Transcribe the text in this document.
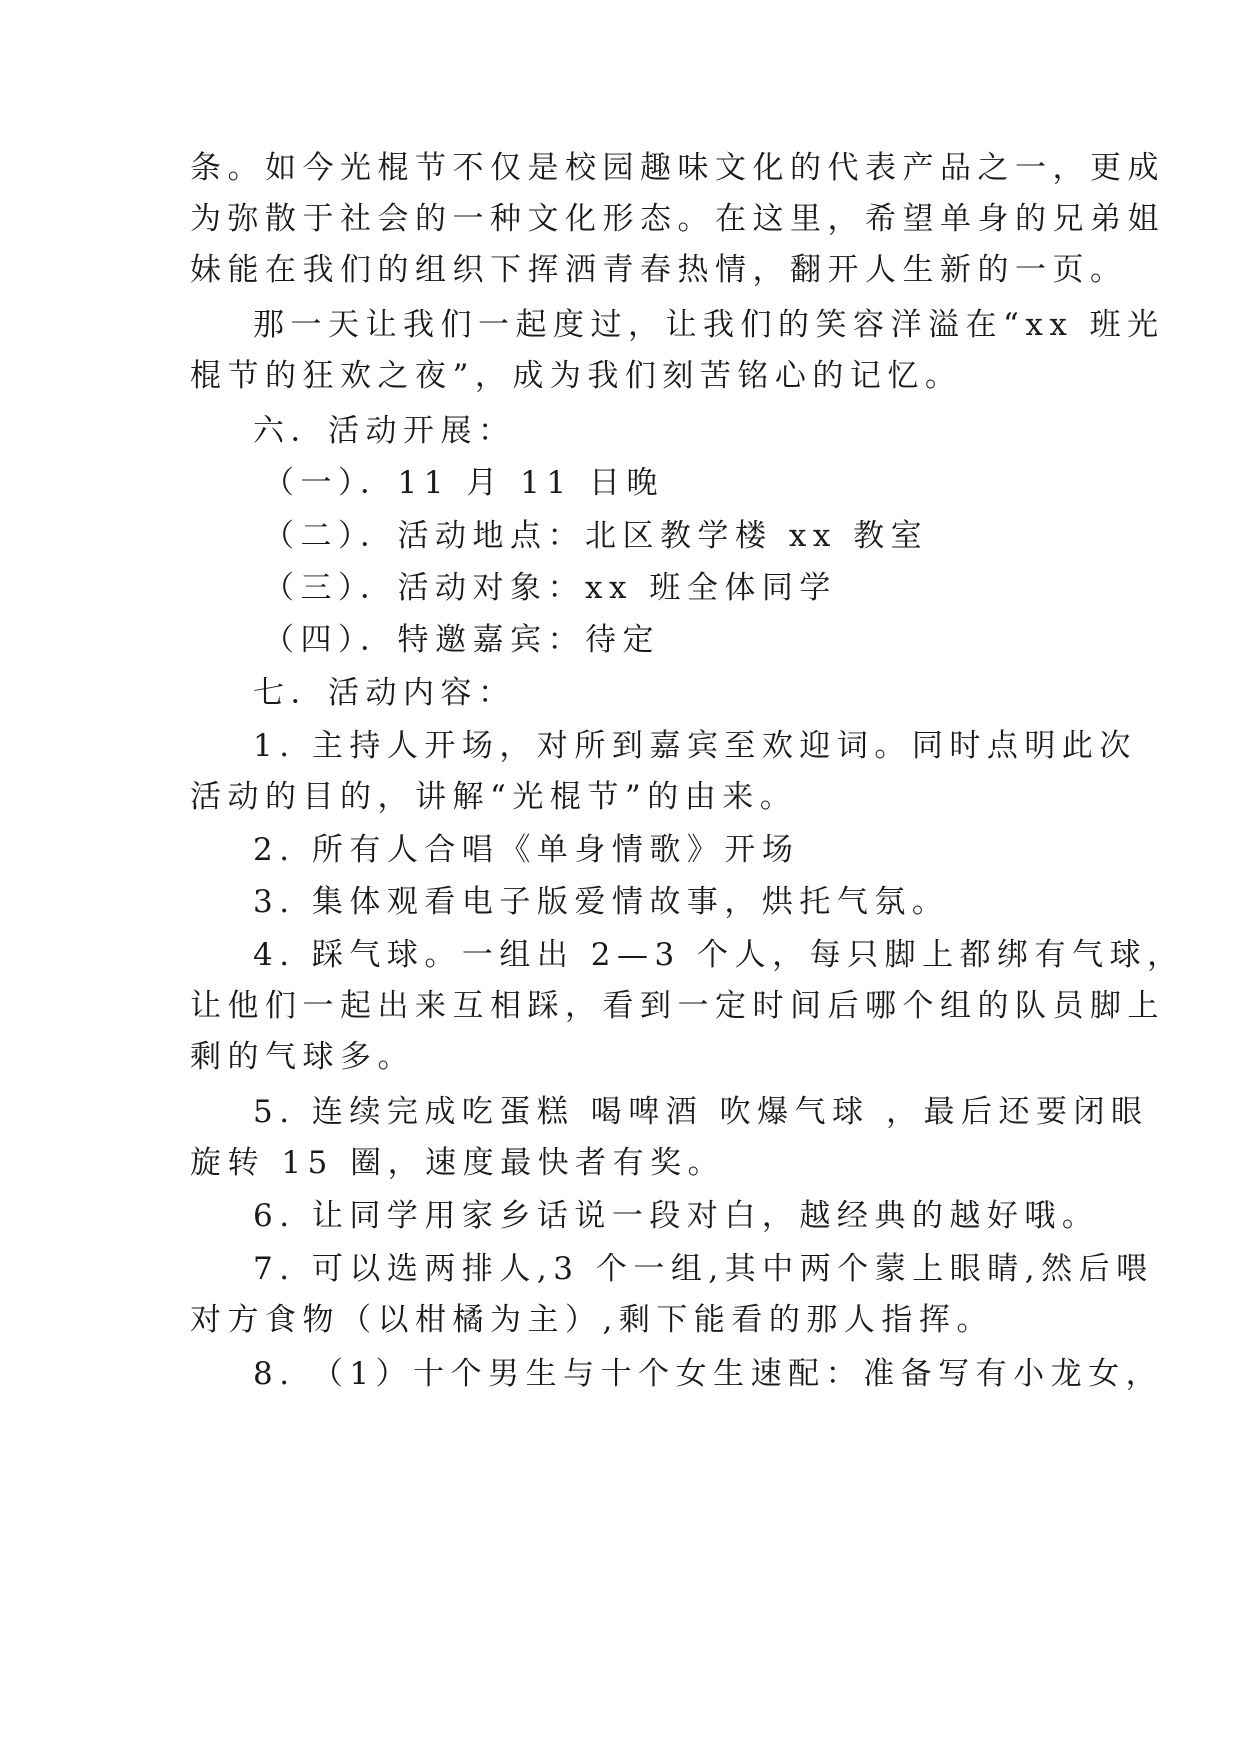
条。如今光棍节不仅是校园趣味文化的代表产品之一，更成
为弥散于社会的一种文化形态。在这里，希望单身的兄弟姐
妹能在我们的组织下挥洒青春热情，翻开人生新的一页。
那一天让我们一起度过，让我们的笑容洋溢在“xx 班光
棍节的狂欢之夜”，成为我们刻苦铭心的记忆。
六．活动开展：
（一）．11 月 11 日晚
（二）．活动地点：北区教学楼 xx 教室
（三）．活动对象：xx 班全体同学
（四）．特邀嘉宾：待定
七．活动内容：
1. 主持人开场，对所到嘉宾至欢迎词。同时点明此次
活动的目的，讲解“光棍节”的由来。
2. 所有人合唱《单身情歌》开场
3. 集体观看电子版爱情故事，烘托气氛。
4. 踩气球。一组出 2—3 个人，每只脚上都绑有气球，
让他们一起出来互相踩，看到一定时间后哪个组的队员脚上
剩的气球多。
5. 连续完成吃蛋糕 喝啤酒 吹爆气球 ，最后还要闭眼
旋转 15 圈，速度最快者有奖。
6. 让同学用家乡话说一段对白，越经典的越好哦。
7. 可以选两排人,3 个一组,其中两个蒙上眼睛,然后喂
对方食物（以柑橘为主）,剩下能看的那人指挥。
8. （1）十个男生与十个女生速配：准备写有小龙女，
